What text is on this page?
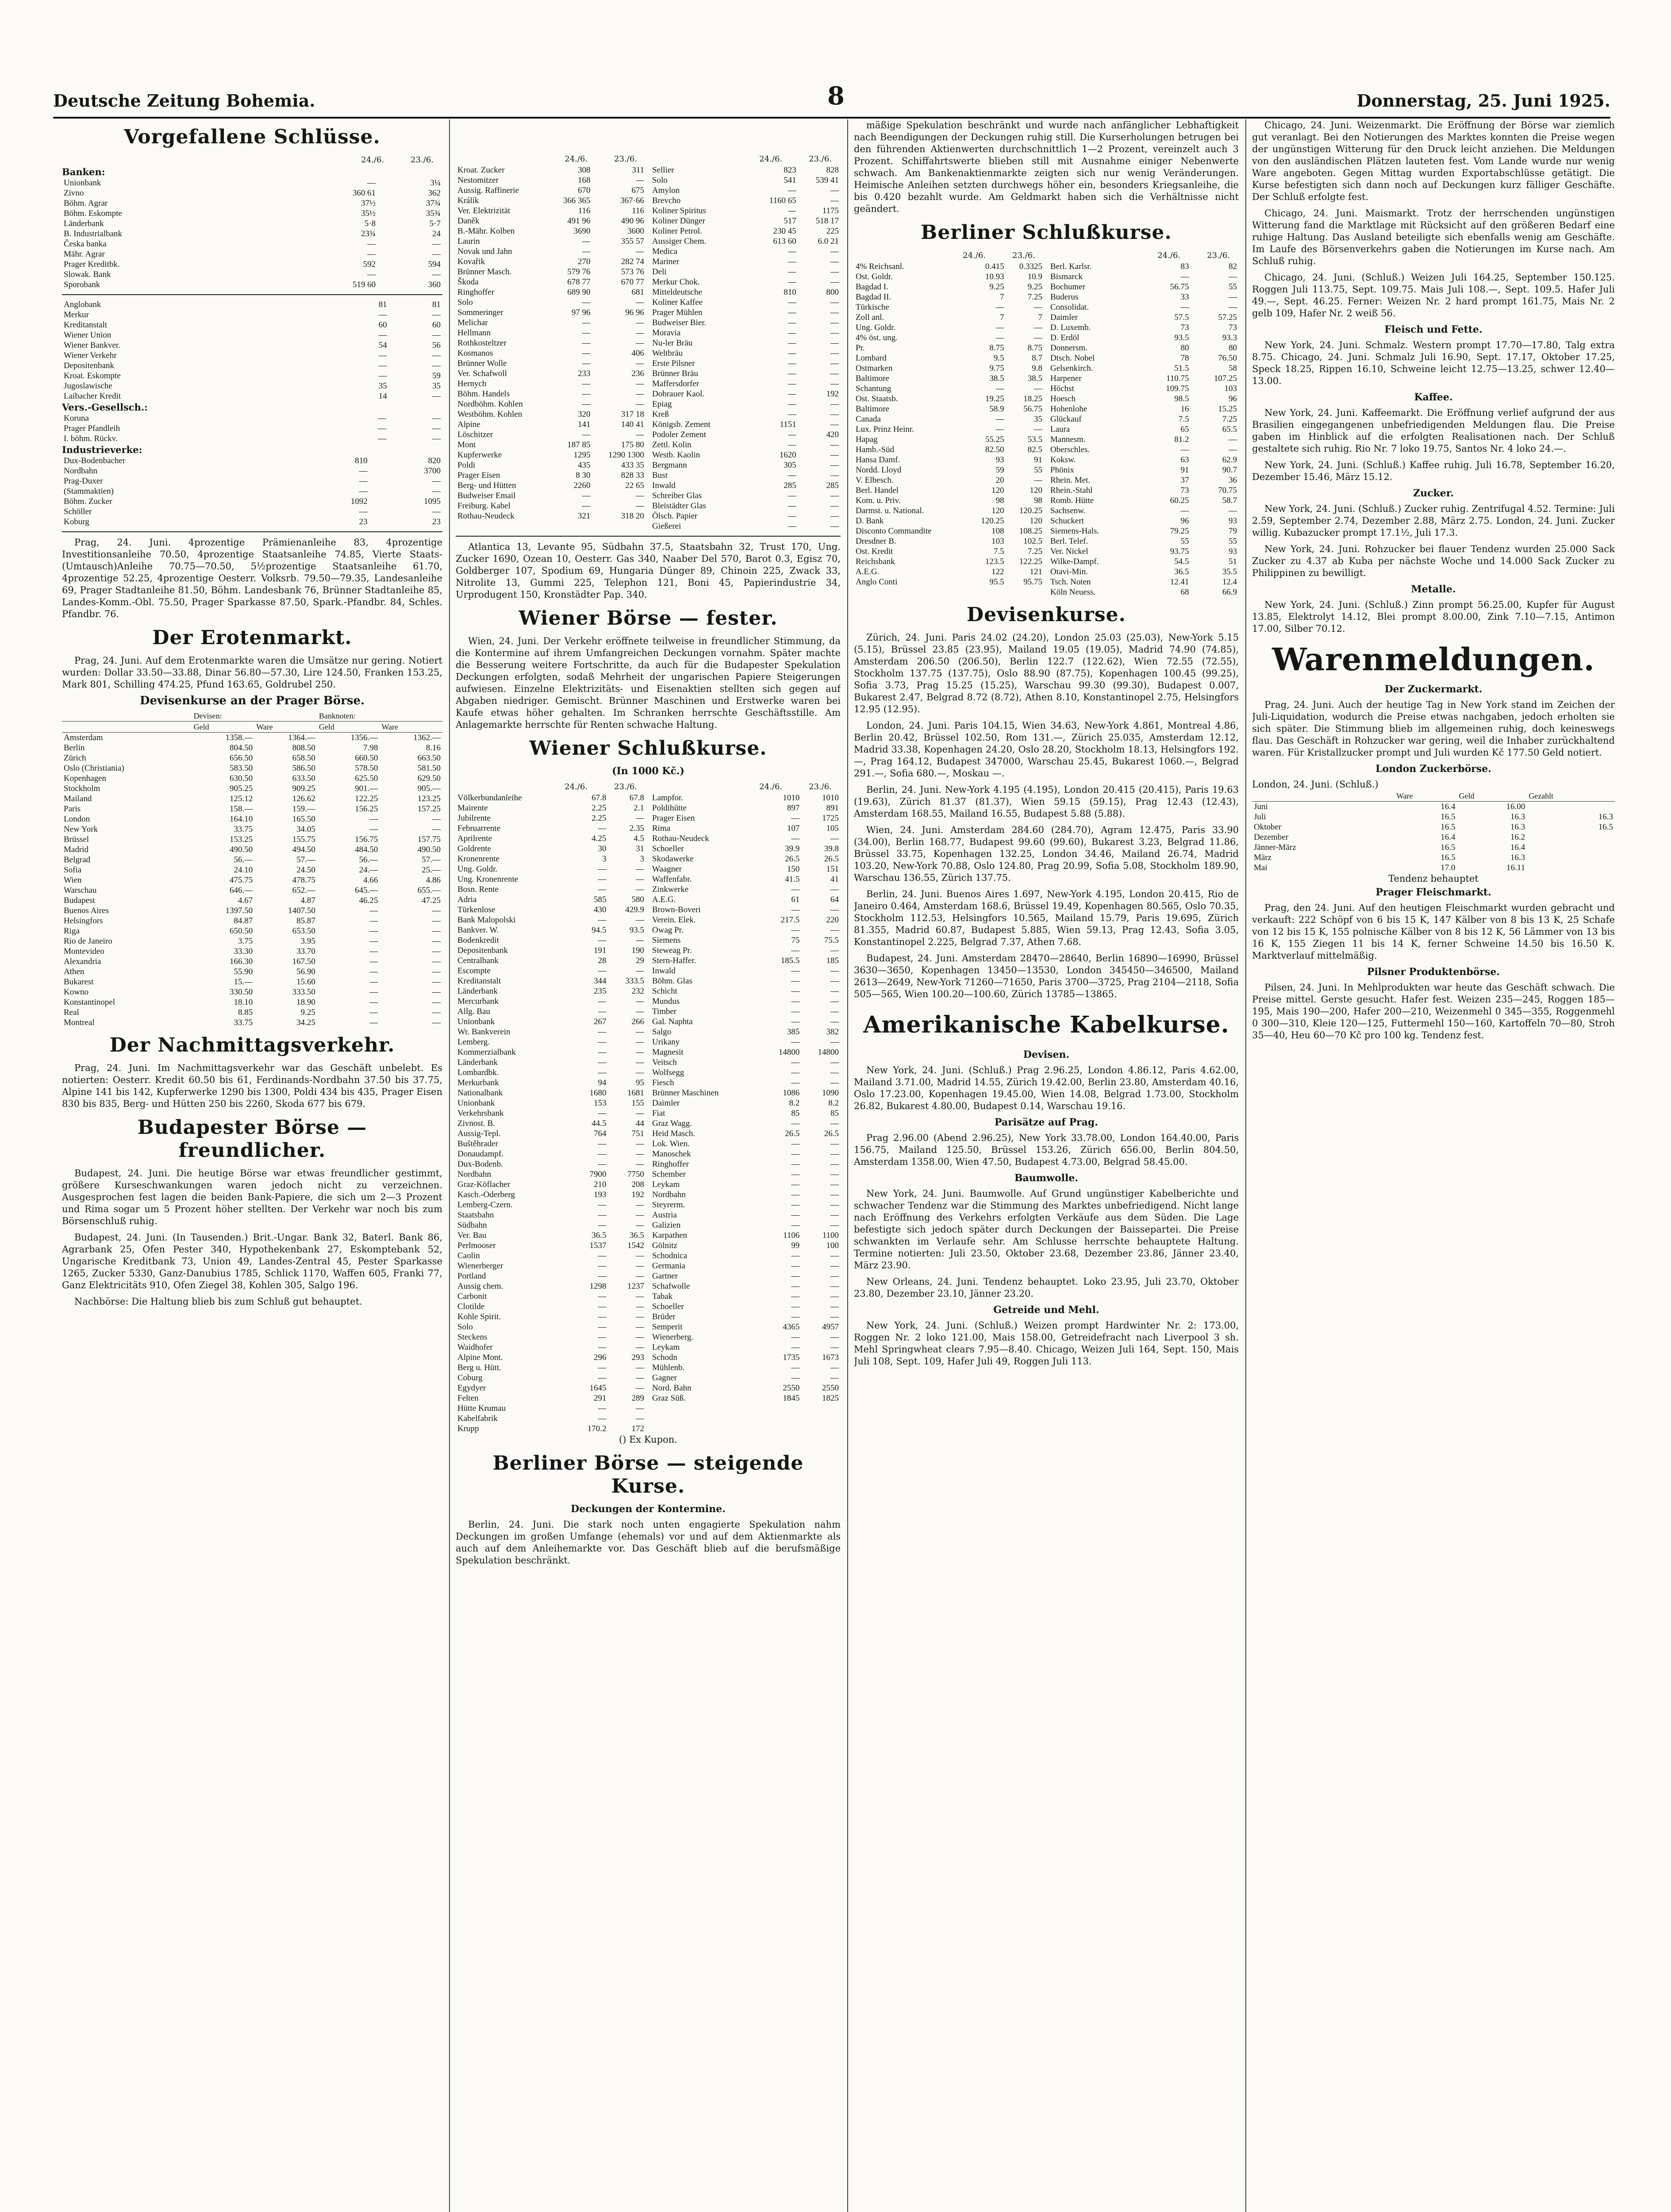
Deutsche Zeitung Bohemia.	8	Donnerstag, 25. Juni 1925.
Vorgefallene Schlüsse.
24./6.	23./6.
Banken:
Unionbank	—	3¼
Zivno	360 61	362
Böhm. Agrar	37½	37¾
Böhm. Eskompte	35½	35¾
Länderbank	5·8	5·7
B. Industrialbank	23¾	24
Česka banka	—	—
Mähr. Agrar	—	—
Prager Kreditbk.	592	594
Slowak. Bank	—	—
Sporobank	519 60	360
Anglobank	81	81
Merkur	—	—
Kreditanstalt	60	60
Wiener Union	—	—
Wiener Bankver.	54	56
Wiener Verkehr	—	—
Depositenbank	—	—
Kroat. Eskompte	—	59
Jugoslawische	35	35
Laibacher Kredit	14	—
Vers.-Gesellsch.:
Koruna	—	—
Prager Pfandleih	—	—
I. böhm. Rückv.	—	—
Industrieverke:
Dux-Bodenbacher	810	820
Nordbahn	—	3700
Prag-Duxer	—	—
(Stammaktien)	—	—
Böhm. Zucker	1092	1095
Schöller	—	—
Koburg	23	23

Prag, 24. Juni. 4prozentige Prämienanleihe 83, 4prozentige Investitionsanleihe 70.50, 4prozentige Staatsanleihe 74.85, Vierte Staats-(Umtausch)Anleihe 70.75—70.50, 5½prozentige Staatsanleihe 61.70, 4prozentige 52.25, 4prozentige Oesterr. Volksrb. 79.50—79.35, Landesanleihe 69, Prager Stadtanleihe 81.50, Böhm. Landesbank 76, Brünner Stadtanleihe 85, Landes-Komm.-Obl. 75.50, Prager Sparkasse 87.50, Spark.-Pfandbr. 84, Schles. Pfandbr. 76.

Der Erotenmarkt.

Prag, 24. Juni. Auf dem Erotenmarkte waren die Umsätze nur gering. Notiert wurden: Dollar 33.50—33.88, Dinar 56.80—57.30, Lire 124.50, Franken 153.25, Mark 801, Schilling 474.25, Pfund 163.65, Goldrubel 250.

Devisenkurse an der Prager Börse.
	Devisen:		Banknoten:	
	Geld	Ware	Geld	Ware
Amsterdam	1358.—	1364.—	1356.—	1362.—
Berlin	804.50	808.50	7.98	8.16
Zürich	656.50	658.50	660.50	663.50
Oslo (Christiania)	583.50	586.50	578.50	581.50
Kopenhagen	630.50	633.50	625.50	629.50
Stockholm	905.25	909.25	901.—	905.—
Mailand	125.12	126.62	122.25	123.25
Paris	158.—	159.—	156.25	157.25
London	164.10	165.50	—	—
New York	33.75	34.05	—	—
Brüssel	153.25	155.75	156.75	157.75
Madrid	490.50	494.50	484.50	490.50
Belgrad	56.—	57.—	56.—	57.—
Sofia	24.10	24.50	24.—	25.—
Wien	475.75	478.75	4.66	4.86
Warschau	646.—	652.—	645.—	655.—
Budapest	4.67	4.87	46.25	47.25
Buenos Aires	1397.50	1407.50	—	—
Helsingfors	84.87	85.87	—	—
Riga	650.50	653.50	—	—
Rio de Janeiro	3.75	3.95	—	—
Montevideo	33.30	33.70	—	—
Alexandria	166.30	167.50	—	—
Athen	55.90	56.90	—	—
Bukarest	15.—	15.60	—	—
Kowno	330.50	333.50	—	—
Konstantinopel	18.10	18.90	—	—
Real	8.85	9.25	—	—
Montreal	33.75	34.25	—	—
Der Nachmittagsverkehr.

Prag, 24. Juni. Im Nachmittagsverkehr war das Geschäft unbelebt. Es notierten: Oesterr. Kredit 60.50 bis 61, Ferdinands-Nordbahn 37.50 bis 37.75, Alpine 141 bis 142, Kupferwerke 1290 bis 1300, Poldi 434 bis 435, Prager Eisen 830 bis 835, Berg- und Hütten 250 bis 2260, Skoda 677 bis 679.

Budapester Börse — freundlicher.

Budapest, 24. Juni. Die heutige Börse war etwas freundlicher gestimmt, größere Kurseschwankungen waren jedoch nicht zu verzeichnen. Ausgesprochen fest lagen die beiden Bank-Papiere, die sich um 2—3 Prozent und Rima sogar um 5 Prozent höher stellten. Der Verkehr war noch bis zum Börsenschluß ruhig.

Budapest, 24. Juni. (In Tausenden.) Brit.-Ungar. Bank 32, Baterl. Bank 86, Agrarbank 25, Ofen Pester 340, Hypothekenbank 27, Eskomptebank 52, Ungarische Kreditbank 73, Union 49, Landes-Zentral 45, Pester Sparkasse 1265, Zucker 5330, Ganz-Danubius 1785, Schlick 1170, Waffen 605, Franki 77, Ganz Elektricitäts 910, Ofen Ziegel 38, Kohlen 305, Salgo 196.

Nachbörse: Die Haltung blieb bis zum Schluß gut behauptet.

24./6.	23./6.
Kroat. Zucker	308	311
Nestomitzer	168	—
Aussig. Raffinerie	670	675
Králík	366 365	367·66
Ver. Elektrizität	116	116
Daněk	491 96	490 96
B.-Mähr. Kolben	3690	3600
Laurin	—	355 57
Novak und Jahn	—	—
Kovařik	270	282 74
Brünner Masch.	579 76	573 76
Škoda	678 77	670 77
Ringhoffer	689 90	681
Solo	—	—
Sommeringer	97 96	96 96
Melichar	—	—
Hellmann	—	—
Rothkosteltzer	—	—
Kosmanos	—	406
Brünner Wolle	—	—
Ver. Schafwoll	233	236
Hernych	—	—
Böhm. Handels	—	—
Nordböhm. Kohlen	—	—
Westböhm. Kohlen	320	317 18
Alpine	141	140 41
Löschitzer	—	—
Mont	187 85	175 80
Kupferwerke	1295	1290 1300
Poldi	435	433 35
Prager Eisen	8 30	828 33
Berg- und Hütten	2260	22 65
Budweiser Email	—	—
Freiburg. Kabel	—	—
Rothau-Neudeck	321	318 20
24./6.	23./6.
Sellier	823	828
Solo	541	539 41
Amylon	—	—
Brevcho	1160 65	—
Koliner Spiritus	—	1175
Koliner Dünger	517	518 17
Koliner Petrol.	230 45	225
Aussiger Chem.	613 60	6.0 21
Medica	—	—
Mariner	—	—
Deli	—	—
Merkur Chok.	—	—
Mitteldeutsche	810	800
Koliner Kaffee	—	—
Prager Mühlen	—	—
Budweiser Bier.	—	—
Moravia	—	—
Nu-ler Bräu	—	—
Weltbräu	—	—
Erste Pilsner	—	—
Brünner Bräu	—	—
Maffersdorfer	—	—
Dobrauer Kaol.	—	192
Epiag	—	—
Kreß	—	—
Königsb. Zement	1151	—
Podoler Zement	—	420
Zettl. Kolin	—	—
Westb. Kaolin	1620	—
Bergmann	305	—
Bust	—	—
Inwald	285	285
Schreiber Glas	—	—
Bleistädter Glas	—	—
Ölsch. Papier	—	—
Gießerei	—	—

Atlantica 13, Levante 95, Südbahn 37.5, Staatsbahn 32, Trust 170, Ung. Zucker 1690, Ozean 10, Oesterr. Gas 340, Naaber Del 570, Barot 0.3, Egisz 70, Goldberger 107, Spodium 69, Hungaria Dünger 89, Chinoin 225, Zwack 33, Nitrolite 13, Gummi 225, Telephon 121, Boni 45, Papierindustrie 34, Urprodugent 150, Kronstädter Pap. 340.

Wiener Börse — fester.

Wien, 24. Juni. Der Verkehr eröffnete teilweise in freundlicher Stimmung, da die Kontermine auf ihrem Umfangreichen Deckungen vornahm. Später machte die Besserung weitere Fortschritte, da auch für die Budapester Spekulation Deckungen erfolgten, sodaß Mehrheit der ungarischen Papiere Steigerungen aufwiesen. Einzelne Elektrizitäts- und Eisenaktien stellten sich gegen auf Abgaben niedriger. Gemischt. Brünner Maschinen und Erstwerke waren bei Kaufe etwas höher gehalten. Im Schranken herrschte Geschäftsstille. Am Anlagemarkte herrschte für Renten schwache Haltung.

Wiener Schlußkurse.
(In 1000 Kč.)
24./6.	23./6.
Völkerbundanleihe	67.8	67.8
Mairente	2.25	2.1
Jubilrente	2.25	—
Februarrente	—	2.35
Aprilrente	4.25	4.5
Goldrente	30	31
Kronenrente	3	3
Ung. Goldr.	—	—
Ung. Kronenrente	—	—
Bosn. Rente	—	—
Adria	585	580
Türkenlose	430	429.9
Bank Malopolski	—	—
Bankver. W.	94.5	93.5
Bodenkredit	—	—
Depositenbank	191	190
Centralbank	28	29
Escompte	—	—
Kreditanstalt	344	333.5
Länderbank	235	232
Mercurbank	—	—
Allg. Bau	—	—
Unionbank	267	266
Wr. Bankverein	—	—
Lemberg.	—	—
Kommerzialbank	—	—
Länderbank	—	—
Lombardbk.	—	—
Merkurbank	94	95
Nationalbank	1680	1681
Unionbank	153	155
Verkehrsbank	—	—
Zivnost. B.	44.5	44
Aussig-Tepl.	764	751
Buštěhrader	—	—
Donaudampf.	—	—
Dux-Bodenb.	—	—
Nordbahn	7900	7750
Graz-Köflacher	210	208
Kasch.-Oderberg	193	192
Lemberg-Czern.	—	—
Staatsbahn	—	—
Südbahn	—	—
Ver. Bau	36.5	36.5
Perlmooser	1537	1542
Caolin	—	—
Wienerberger	—	—
Portland	—	—
Aussig chem.	1298	1237
Carbonit	—	—
Clotilde	—	—
Kohle Spirit.	—	—
Solo	—	—
Steckens	—	—
Waidhofer	—	—
Alpine Mont.	296	293
Berg u. Hütt.	—	—
Coburg	—	—
Egydyer	1645	—
Felten	291	289
Hütte Krumau	—	—
Kabelfabrik	—	—
Krupp	170.2	172
24./6.	23./6.
Lampfor.	1010	1010
Poldihütte	897	891
Prager Eisen	—	1725
Rima	107	105
Rothau-Neudeck	—	—
Schoeller	39.9	39.8
Skodawerke	26.5	26.5
Waagner	150	151
Waffenfabr.	41.5	41
Zinkwerke	—	—
A.E.G.	61	64
Brown-Boveri	—	—
Verein. Elek.	217.5	220
Owag Pr.	—	—
Siemens	75	75.5
Steweag Pr.	—	—
Stern-Haffer.	185.5	185
Inwald	—	—
Böhm. Glas	—	—
Schicht	—	—
Mundus	—	—
Timber	—	—
Gal. Naphta	—	—
Salgo	385	382
Urikany	—	—
Magnesit	14800	14800
Veitsch	—	—
Wolfsegg	—	—
Fiesch	—	—
Brünner Maschinen	1086	1090
Daimler	8.2	8.2
Fiat	85	85
Graz Wagg.	—	—
Heid Masch.	26.5	26.5
Lok. Wien.	—	—
Manoschek	—	—
Ringhoffer	—	—
Schember	—	—
Leykam	—	—
Nordbahn	—	—
Steyrerm.	—	—
Austria	—	—
Galizien	—	—
Karpathen	1106	1100
Gölnitz	99	100
Schodnica	—	—
Germania	—	—
Gartner	—	—
Schafwolle	—	—
Tabak	—	—
Schoeller	—	—
Brüder	—	—
Semperit	4365	4957
Wienerberg.	—	—
Leykam	—	—
Schodn	1735	1673
Mühlenb.	—	—
Gagner	—	—
Nord. Bahn	2550	2550
Graz Süß.	1845	1825
() Ex Kupon.
Berliner Börse — steigende Kurse.
Deckungen der Kontermine.

Berlin, 24. Juni. Die stark noch unten engagierte Spekulation nahm Deckungen im großen Umfange (ehemals) vor und auf dem Aktienmarkte als auch auf dem Anleihemarkte vor. Das Geschäft blieb auf die berufsmäßige Spekulation beschränkt.

mäßige Spekulation beschränkt und wurde nach anfänglicher Lebhaftigkeit nach Beendigungen der Deckungen ruhig still. Die Kurserholungen betrugen bei den führenden Aktienwerten durchschnittlich 1—2 Prozent, vereinzelt auch 3 Prozent. Schiffahrtswerte blieben still mit Ausnahme einiger Nebenwerte schwach. Am Bankenaktienmarkte zeigten sich nur wenig Veränderungen. Heimische Anleihen setzten durchwegs höher ein, besonders Kriegsanleihe, die bis 0.420 bezahlt wurde. Am Geldmarkt haben sich die Verhältnisse nicht geändert.

Berliner Schlußkurse.
24./6.	23./6.
4% Reichsanl.	0.415	0.3325
Ost. Goldr.	10.93	10.9
Bagdad I.	9.25	9.25
Bagdad II.	7	7.25
Türkische	—	—
Zoll anl.	7	7
Ung. Goldr.	—	—
4% öst. ung.	—	—
Pr.	8.75	8.75
Lombard	9.5	8.7
Ostmarken	9.75	9.8
Baltimore	38.5	38.5
Schantung	—	—
Ost. Staatsb.	19.25	18.25
Baltimore	58.9	56.75
Canada	—	35
Lux. Prinz Heinr.	—	—
Hapag	55.25	53.5
Hamb.-Süd	82.50	82.5
Hansa Damf.	93	91
Nordd. Lloyd	59	55
V. Elbesch.	20	—
Berl. Handel	120	120
Kom. u. Priv.	98	98
Darmst. u. National.	120	120.25
D. Bank	120.25	120
Disconto Commandite	108	108.25
Dresdner B.	103	102.5
Ost. Kredit	7.5	7.25
Reichsbank	123.5	122.25
A.E.G.	122	121
Anglo Conti	95.5	95.75
24./6.	23./6.
Berl. Karlsr.	83	82
Bismarck	—	—
Bochumer	56.75	55
Buderus	33	—
Consolidat.	—	—
Daimler	57.5	57.25
D. Luxemb.	73	73
D. Erdöl	93.5	93.3
Donnersm.	80	80
Dtsch. Nobel	78	76.50
Gelsenkirch.	51.5	58
Harpener	110.75	107.25
Höchst	109.75	103
Hoesch	98.5	96
Hohenlohe	16	15.25
Glückauf	7.5	7.25
Laura	65	65.5
Mannesm.	81.2	—
Oberschles.	—	—
Koksw.	63	62.9
Phönix	91	90.7
Rhein. Met.	37	36
Rhein.-Stahl	73	70.75
Romb. Hütte	60.25	58.7
Sachsenw.	—	—
Schuckert	96	93
Siemens-Hals.	79.25	79
Berl. Telef.	55	55
Ver. Nickel	93.75	93
Wilke-Dampf.	54.5	51
Otavi-Min.	36.5	35.5
Tsch. Noten	12.41	12.4
Köln Neuess.	68	66.9
Devisenkurse.

Zürich, 24. Juni. Paris 24.02 (24.20), London 25.03 (25.03), New-York 5.15 (5.15), Brüssel 23.85 (23.95), Mailand 19.05 (19.05), Madrid 74.90 (74.85), Amsterdam 206.50 (206.50), Berlin 122.7 (122.62), Wien 72.55 (72.55), Stockholm 137.75 (137.75), Oslo 88.90 (87.75), Kopenhagen 100.45 (99.25), Sofia 3.73, Prag 15.25 (15.25), Warschau 99.30 (99.30), Budapest 0.007, Bukarest 2.47, Belgrad 8.72 (8.72), Athen 8.10, Konstantinopel 2.75, Helsingfors 12.95 (12.95).

London, 24. Juni. Paris 104.15, Wien 34.63, New-York 4.861, Montreal 4.86, Berlin 20.42, Brüssel 102.50, Rom 131.—, Zürich 25.035, Amsterdam 12.12, Madrid 33.38, Kopenhagen 24.20, Oslo 28.20, Stockholm 18.13, Helsingfors 192.—, Prag 164.12, Budapest 347000, Warschau 25.45, Bukarest 1060.—, Belgrad 291.—, Sofia 680.—, Moskau —.

Berlin, 24. Juni. New-York 4.195 (4.195), London 20.415 (20.415), Paris 19.63 (19.63), Zürich 81.37 (81.37), Wien 59.15 (59.15), Prag 12.43 (12.43), Amsterdam 168.55, Mailand 16.55, Budapest 5.88 (5.88).

Wien, 24. Juni. Amsterdam 284.60 (284.70), Agram 12.475, Paris 33.90 (34.00), Berlin 168.77, Budapest 99.60 (99.60), Bukarest 3.23, Belgrad 11.86, Brüssel 33.75, Kopenhagen 132.25, London 34.46, Mailand 26.74, Madrid 103.20, New-York 70.88, Oslo 124.80, Prag 20.99, Sofia 5.08, Stockholm 189.90, Warschau 136.55, Zürich 137.75.

Berlin, 24. Juni. Buenos Aires 1.697, New-York 4.195, London 20.415, Rio de Janeiro 0.464, Amsterdam 168.6, Brüssel 19.49, Kopenhagen 80.565, Oslo 70.35, Stockholm 112.53, Helsingfors 10.565, Mailand 15.79, Paris 19.695, Zürich 81.355, Madrid 60.87, Budapest 5.885, Wien 59.13, Prag 12.43, Sofia 3.05, Konstantinopel 2.225, Belgrad 7.37, Athen 7.68.

Budapest, 24. Juni. Amsterdam 28470—28640, Berlin 16890—16990, Brüssel 3630—3650, Kopenhagen 13450—13530, London 345450—346500, Mailand 2613—2649, New-York 71260—71650, Paris 3700—3725, Prag 2104—2118, Sofia 505—565, Wien 100.20—100.60, Zürich 13785—13865.

Amerikanische Kabelkurse.
Devisen.

New York, 24. Juni. (Schluß.) Prag 2.96.25, London 4.86.12, Paris 4.62.00, Mailand 3.71.00, Madrid 14.55, Zürich 19.42.00, Berlin 23.80, Amsterdam 40.16, Oslo 17.23.00, Kopenhagen 19.45.00, Wien 14.08, Belgrad 1.73.00, Stockholm 26.82, Bukarest 4.80.00, Budapest 0.14, Warschau 19.16.

Parisätze auf Prag.

Prag 2.96.00 (Abend 2.96.25), New York 33.78.00, London 164.40.00, Paris 156.75, Mailand 125.50, Brüssel 153.26, Zürich 656.00, Berlin 804.50, Amsterdam 1358.00, Wien 47.50, Budapest 4.73.00, Belgrad 58.45.00.

Baumwolle.

New York, 24. Juni. Baumwolle. Auf Grund ungünstiger Kabelberichte und schwacher Tendenz war die Stimmung des Marktes unbefriedigend. Nicht lange nach Eröffnung des Verkehrs erfolgten Verkäufe aus dem Süden. Die Lage befestigte sich jedoch später durch Deckungen der Baissepartei. Die Preise schwankten im Verlaufe sehr. Am Schlusse herrschte behauptete Haltung. Termine notierten: Juli 23.50, Oktober 23.68, Dezember 23.86, Jänner 23.40, März 23.90.

New Orleans, 24. Juni. Tendenz behauptet. Loko 23.95, Juli 23.70, Oktober 23.80, Dezember 23.10, Jänner 23.20.

Getreide und Mehl.

New York, 24. Juni. (Schluß.) Weizen prompt Hardwinter Nr. 2: 173.00, Roggen Nr. 2 loko 121.00, Mais 158.00, Getreidefracht nach Liverpool 3 sh. Mehl Springwheat clears 7.95—8.40. Chicago, Weizen Juli 164, Sept. 150, Mais Juli 108, Sept. 109, Hafer Juli 49, Roggen Juli 113.

Chicago, 24. Juni. Weizenmarkt. Die Eröffnung der Börse war ziemlich gut veranlagt. Bei den Notierungen des Marktes konnten die Preise wegen der ungünstigen Witterung für den Druck leicht anziehen. Die Meldungen von den ausländischen Plätzen lauteten fest. Vom Lande wurde nur wenig Ware angeboten. Gegen Mittag wurden Exportabschlüsse getätigt. Die Kurse befestigten sich dann noch auf Deckungen kurz fälliger Geschäfte. Der Schluß erfolgte fest.

Chicago, 24. Juni. Maismarkt. Trotz der herrschenden ungünstigen Witterung fand die Marktlage mit Rücksicht auf den größeren Bedarf eine ruhige Haltung. Das Ausland beteiligte sich ebenfalls wenig am Geschäfte. Im Laufe des Börsenverkehrs gaben die Notierungen im Kurse nach. Am Schluß ruhig.

Chicago, 24. Juni. (Schluß.) Weizen Juli 164.25, September 150.125. Roggen Juli 113.75, Sept. 109.75. Mais Juli 108.—, Sept. 109.5. Hafer Juli 49.—, Sept. 46.25. Ferner: Weizen Nr. 2 hard prompt 161.75, Mais Nr. 2 gelb 109, Hafer Nr. 2 weiß 56.

Fleisch und Fette.

New York, 24. Juni. Schmalz. Western prompt 17.70—17.80, Talg extra 8.75. Chicago, 24. Juni. Schmalz Juli 16.90, Sept. 17.17, Oktober 17.25, Speck 18.25, Rippen 16.10, Schweine leicht 12.75—13.25, schwer 12.40—13.00.

Kaffee.

New York, 24. Juni. Kaffeemarkt. Die Eröffnung verlief aufgrund der aus Brasilien eingegangenen unbefriedigenden Meldungen flau. Die Preise gaben im Hinblick auf die erfolgten Realisationen nach. Der Schluß gestaltete sich ruhig. Rio Nr. 7 loko 19.75, Santos Nr. 4 loko 24.—.

New York, 24. Juni. (Schluß.) Kaffee ruhig. Juli 16.78, September 16.20, Dezember 15.46, März 15.12.

Zucker.

New York, 24. Juni. (Schluß.) Zucker ruhig. Zentrifugal 4.52. Termine: Juli 2.59, September 2.74, Dezember 2.88, März 2.75. London, 24. Juni. Zucker willig. Kubazucker prompt 17.1½, Juli 17.3.

New York, 24. Juni. Rohzucker bei flauer Tendenz wurden 25.000 Sack Zucker zu 4.37 ab Kuba per nächste Woche und 14.000 Sack Zucker zu Philippinen zu bewilligt.

Metalle.

New York, 24. Juni. (Schluß.) Zinn prompt 56.25.00, Kupfer für August 13.85, Elektrolyt 14.12, Blei prompt 8.00.00, Zink 7.10—7.15, Antimon 17.00, Silber 70.12.

Warenmeldungen.
Der Zuckermarkt.

Prag, 24. Juni. Auch der heutige Tag in New York stand im Zeichen der Juli-Liquidation, wodurch die Preise etwas nachgaben, jedoch erholten sie sich später. Die Stimmung blieb im allgemeinen ruhig, doch keineswegs flau. Das Geschäft in Rohzucker war gering, weil die Inhaber zurückhaltend waren. Für Kristallzucker prompt und Juli wurden Kč 177.50 Geld notiert.

London Zuckerbörse.
London, 24. Juni. (Schluß.)
	Ware	Geld	Gezahlt
Juni	16.4	16.00	
Juli	16.5	16.3	16.3
Oktober	16.5	16.3	16.5
Dezember	16.4	16.2	
Jänner-März	16.5	16.4	
März	16.5	16.3	
Mai	17.0	16.11	
Tendenz behauptet
Prager Fleischmarkt.

Prag, den 24. Juni. Auf den heutigen Fleischmarkt wurden gebracht und verkauft: 222 Schöpf von 6 bis 15 K, 147 Kälber von 8 bis 13 K, 25 Schafe von 12 bis 15 K, 155 polnische Kälber von 8 bis 12 K, 56 Lämmer von 13 bis 16 K, 155 Ziegen 11 bis 14 K, ferner Schweine 14.50 bis 16.50 K. Marktverlauf mittelmäßig.

Pilsner Produktenbörse.

Pilsen, 24. Juni. In Mehlprodukten war heute das Geschäft schwach. Die Preise mittel. Gerste gesucht. Hafer fest. Weizen 235—245, Roggen 185—195, Mais 190—200, Hafer 200—210, Weizenmehl 0 345—355, Roggenmehl 0 300—310, Kleie 120—125, Futtermehl 150—160, Kartoffeln 70—80, Stroh 35—40, Heu 60—70 Kč pro 100 kg. Tendenz fest.
